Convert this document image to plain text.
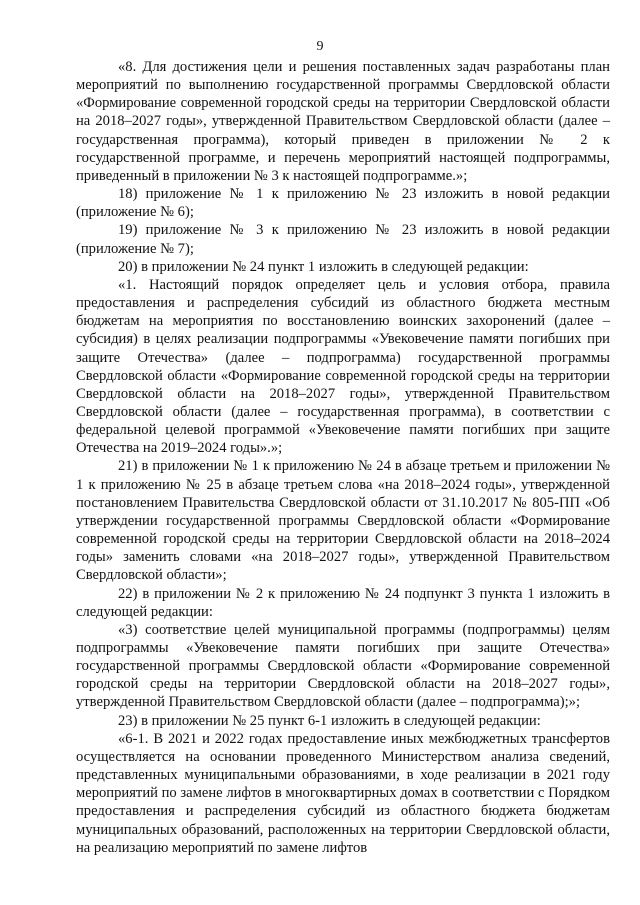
9

«8. Для достижения цели и решения поставленных задач разработаны план мероприятий по выполнению государственной программы Свердловской области «Формирование современной городской среды на территории Свердловской области на 2018–2027 годы», утвержденной Правительством Свердловской области (далее – государственная программа), который приведен в приложении № 2 к государственной программе, и перечень мероприятий настоящей подпрограммы, приведенный в приложении № 3 к настоящей подпрограмме.»;

18) приложение № 1 к приложению № 23 изложить в новой редакции (приложение № 6);

19) приложение № 3 к приложению № 23 изложить в новой редакции (приложение № 7);

20) в приложении № 24 пункт 1 изложить в следующей редакции:

«1. Настоящий порядок определяет цель и условия отбора, правила предоставления и распределения субсидий из областного бюджета местным бюджетам на мероприятия по восстановлению воинских захоронений (далее – субсидия) в целях реализации подпрограммы «Увековечение памяти погибших при защите Отечества» (далее – подпрограмма) государственной программы Свердловской области «Формирование современной городской среды на территории Свердловской области на 2018–2027 годы», утвержденной Правительством Свердловской области (далее – государственная программа), в соответствии с федеральной целевой программой «Увековечение памяти погибших при защите Отечества на 2019–2024 годы».»;

21) в приложении № 1 к приложению № 24 в абзаце третьем и приложении № 1 к приложению № 25 в абзаце третьем слова «на 2018–2024 годы», утвержденной постановлением Правительства Свердловской области от 31.10.2017 № 805-ПП «Об утверждении государственной программы Свердловской области «Формирование современной городской среды на территории Свердловской области на 2018–2024 годы» заменить словами «на 2018–2027 годы», утвержденной Правительством Свердловской области»;

22) в приложении № 2 к приложению № 24 подпункт 3 пункта 1 изложить в следующей редакции:

«3) соответствие целей муниципальной программы (подпрограммы) целям подпрограммы «Увековечение памяти погибших при защите Отечества» государственной программы Свердловской области «Формирование современной городской среды на территории Свердловской области на 2018–2027 годы», утвержденной Правительством Свердловской области (далее – подпрограмма);»;

23) в приложении № 25 пункт 6-1 изложить в следующей редакции:

«6-1. В 2021 и 2022 годах предоставление иных межбюджетных трансфертов осуществляется на основании проведенного Министерством анализа сведений, представленных муниципальными образованиями, в ходе реализации в 2021 году мероприятий по замене лифтов в многоквартирных домах в соответствии с Порядком предоставления и распределения субсидий из областного бюджета бюджетам муниципальных образований, расположенных на территории Свердловской области, на реализацию мероприятий по замене лифтов
